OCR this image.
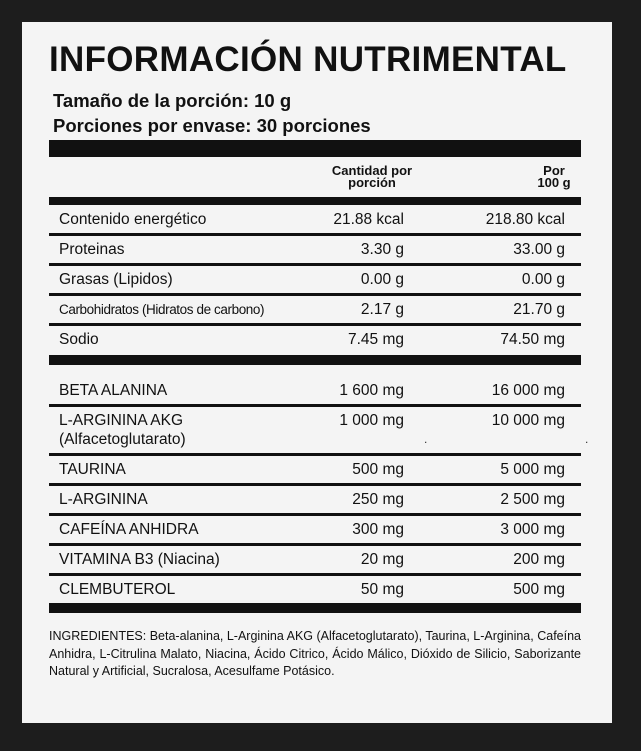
INFORMACIÓN NUTRIMENTAL
Tamaño de la porción: 10 g
Porciones por envase: 30 porciones
Cantidad por
porción
Por
100 g
Contenido energético	21.88 kcal	218.80 kcal
Proteinas	3.30 g	33.00 g
Grasas (Lipidos)	0.00 g	0.00 g
Carbohidratos (Hidratos de carbono)	2.17 g	21.70 g
Sodio	7.45 mg	74.50 mg
BETA ALANINA	1 600 mg	16 000 mg
L-ARGININA AKG
(Alfacetoglutarato)
1 000 mg	10 000 mg
.	.
TAURINA	500 mg	5 000 mg
L-ARGININA	250 mg	2 500 mg
CAFEÍNA ANHIDRA	300 mg	3 000 mg
VITAMINA B3 (Niacina)	20 mg	200 mg
CLEMBUTEROL	50 mg	500 mg
INGREDIENTES: Beta-alanina, L-Arginina AKG (Alfacetoglutarato), Taurina, L-Arginina, Cafeína Anhidra, L-Citrulina Malato, Niacina, Ácido Citrico, Ácido Málico, Dióxido de Silicio, Saborizante Natural y Artificial, Sucralosa, Acesulfame Potásico.
